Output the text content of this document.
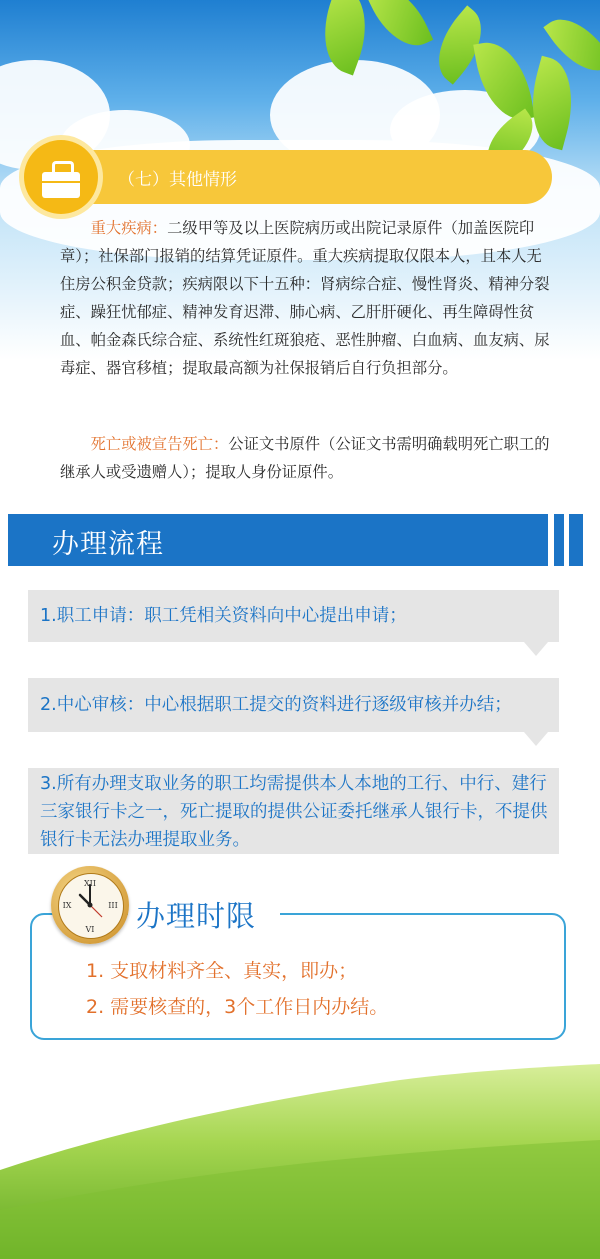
（七）其他情形
重大疾病：二级甲等及以上医院病历或出院记录原件（加盖医院印章）；社保部门报销的结算凭证原件。重大疾病提取仅限本人，且本人无住房公积金贷款；疾病限以下十五种：肾病综合症、慢性肾炎、精神分裂症、躁狂忧郁症、精神发育迟滞、肺心病、乙肝肝硬化、再生障碍性贫血、帕金森氏综合症、系统性红斑狼疮、恶性肿瘤、白血病、血友病、尿毒症、器官移植；提取最高额为社保报销后自行负担部分。
死亡或被宣告死亡：公证文书原件（公证文书需明确载明死亡职工的继承人或受遗赠人）；提取人身份证原件。
办理流程
1.职工申请：职工凭相关资料向中心提出申请；
2.中心审核：中心根据职工提交的资料进行逐级审核并办结；
3.所有办理支取业务的职工均需提供本人本地的工行、中行、建行三家银行卡之一，死亡提取的提供公证委托继承人银行卡，不提供银行卡无法办理提取业务。
办理时限
XII
III
VI
IX
1. 支取材料齐全、真实，即办；
2. 需要核查的，3个工作日内办结。
